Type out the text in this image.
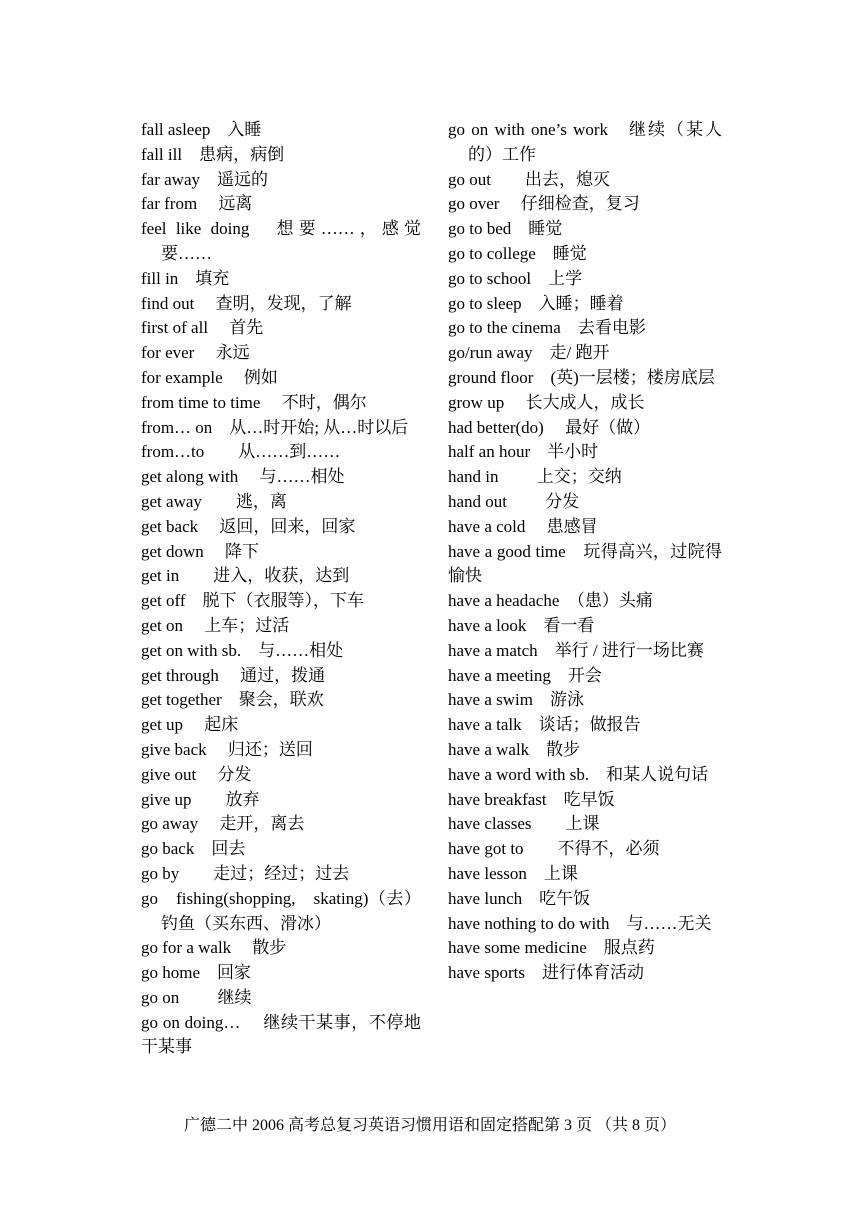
fall asleep　入睡
fall ill　患病，病倒
far away　遥远的
far from　 远离
feel like doing　想要……，感觉要……
fill in　填充
find out　 查明，发现，了解
first of all　 首先
for ever　 永远
for example　 例如
from time to time　 不时，偶尔
from… on　从…时开始; 从…时以后
from…to　　从……到……
get along with　 与……相处
get away　　逃，离
get back　 返回，回来，回家
get down　 降下
get in　　进入，收获，达到
get off　脱下（衣服等），下车
get on　 上车；过活
get on with sb.　与……相处
get through　 通过，拨通
get together　聚会，联欢
get up　 起床
give back　 归还；送回
give out　 分发
give up　　放弃
go away　 走开，离去
go back　回去
go by　　走过；经过；过去
go　fishing(shopping,　skating)（去）钓鱼（买东西、滑冰）
go for a walk　 散步
go home　回家
go on　　 继续
go on doing…　 继续干某事，不停地干某事
go on with one’s work　继续（某人的）工作
go out　　出去，熄灭
go over　 仔细检查，复习
go to bed　睡觉
go to college　睡觉
go to school　上学
go to sleep　入睡；睡着
go to the cinema　去看电影
go/run away　走/ 跑开
ground floor　(英)一层楼；楼房底层
grow up　 长大成人，成长
had better(do)　 最好（做）
half an hour　半小时
hand in　　 上交；交纳
hand out　　 分发
have a cold　 患感冒
have a good time　玩得高兴，过院得愉快
have a headache　（患）头痛
have a look　看一看
have a match　举行 / 进行一场比赛
have a meeting　开会
have a swim　游泳
have a talk　谈话；做报告
have a walk　散步
have a word with sb.　和某人说句话
have breakfast　吃早饭
have classes　　上课
have got to　　不得不，必须
have lesson　上课
have lunch　吃午饭
have nothing to do with　与……无关
have some medicine　服点药
have sports　进行体育活动
广德二中 2006 高考总复习英语习惯用语和固定搭配第 3 页 （共 8 页）
